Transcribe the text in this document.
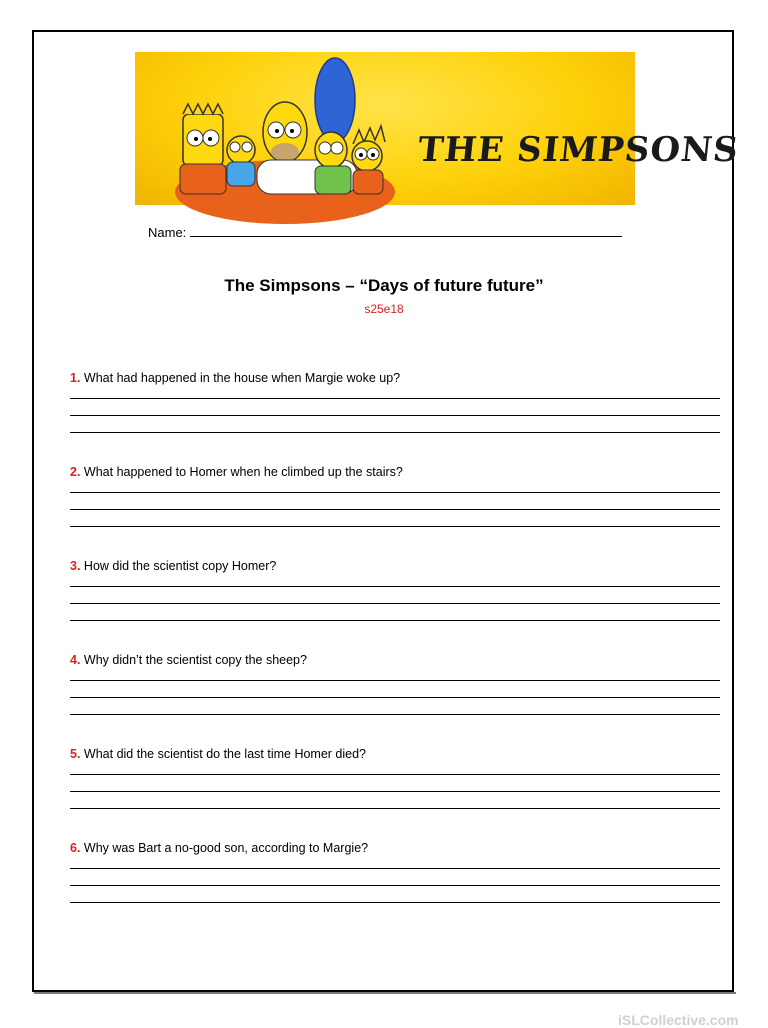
THE SIMPSONS
Name:
The Simpsons – “Days of future future”
s25e18
1. What had happened in the house when Margie woke up?
2. What happened to Homer when he climbed up the stairs?
3. How did the scientist copy Homer?
4. Why didn’t the scientist copy the sheep?
5. What did the scientist do the last time Homer died?
6. Why was Bart a no-good son, according to Margie?
iSLCollective.com
